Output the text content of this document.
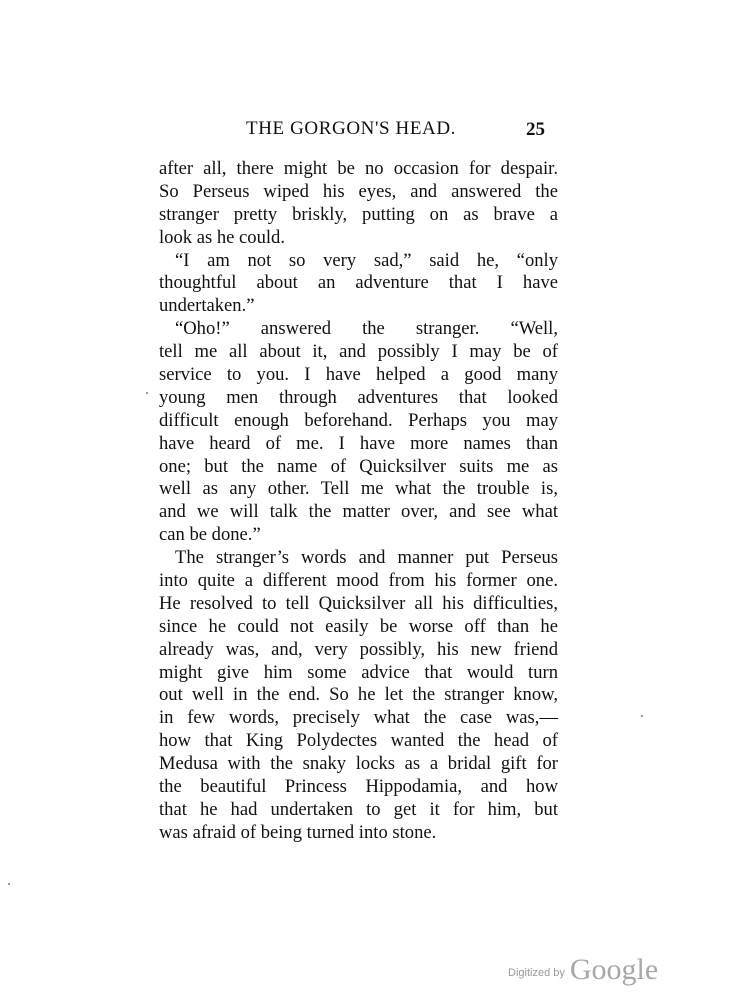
THE GORGON'S HEAD.	25
after all, there might be no occasion for despair.
So Perseus wiped his eyes, and answered the
stranger pretty briskly, putting on as brave a
look as he could.
“I am not so very sad,” said he, “only
thoughtful about an adventure that I have
undertaken.”
“Oho!” answered the stranger. “Well,
tell me all about it, and possibly I may be of
service to you. I have helped a good many
young men through adventures that looked
difficult enough beforehand. Perhaps you may
have heard of me. I have more names than
one; but the name of Quicksilver suits me as
well as any other. Tell me what the trouble is,
and we will talk the matter over, and see what
can be done.”
The stranger’s words and manner put Perseus
into quite a different mood from his former one.
He resolved to tell Quicksilver all his difficulties,
since he could not easily be worse off than he
already was, and, very possibly, his new friend
might give him some advice that would turn
out well in the end. So he let the stranger know,
in few words, precisely what the case was,—
how that King Polydectes wanted the head of
Medusa with the snaky locks as a bridal gift for
the beautiful Princess Hippodamia, and how
that he had undertaken to get it for him, but
was afraid of being turned into stone.
Digitized by Google
